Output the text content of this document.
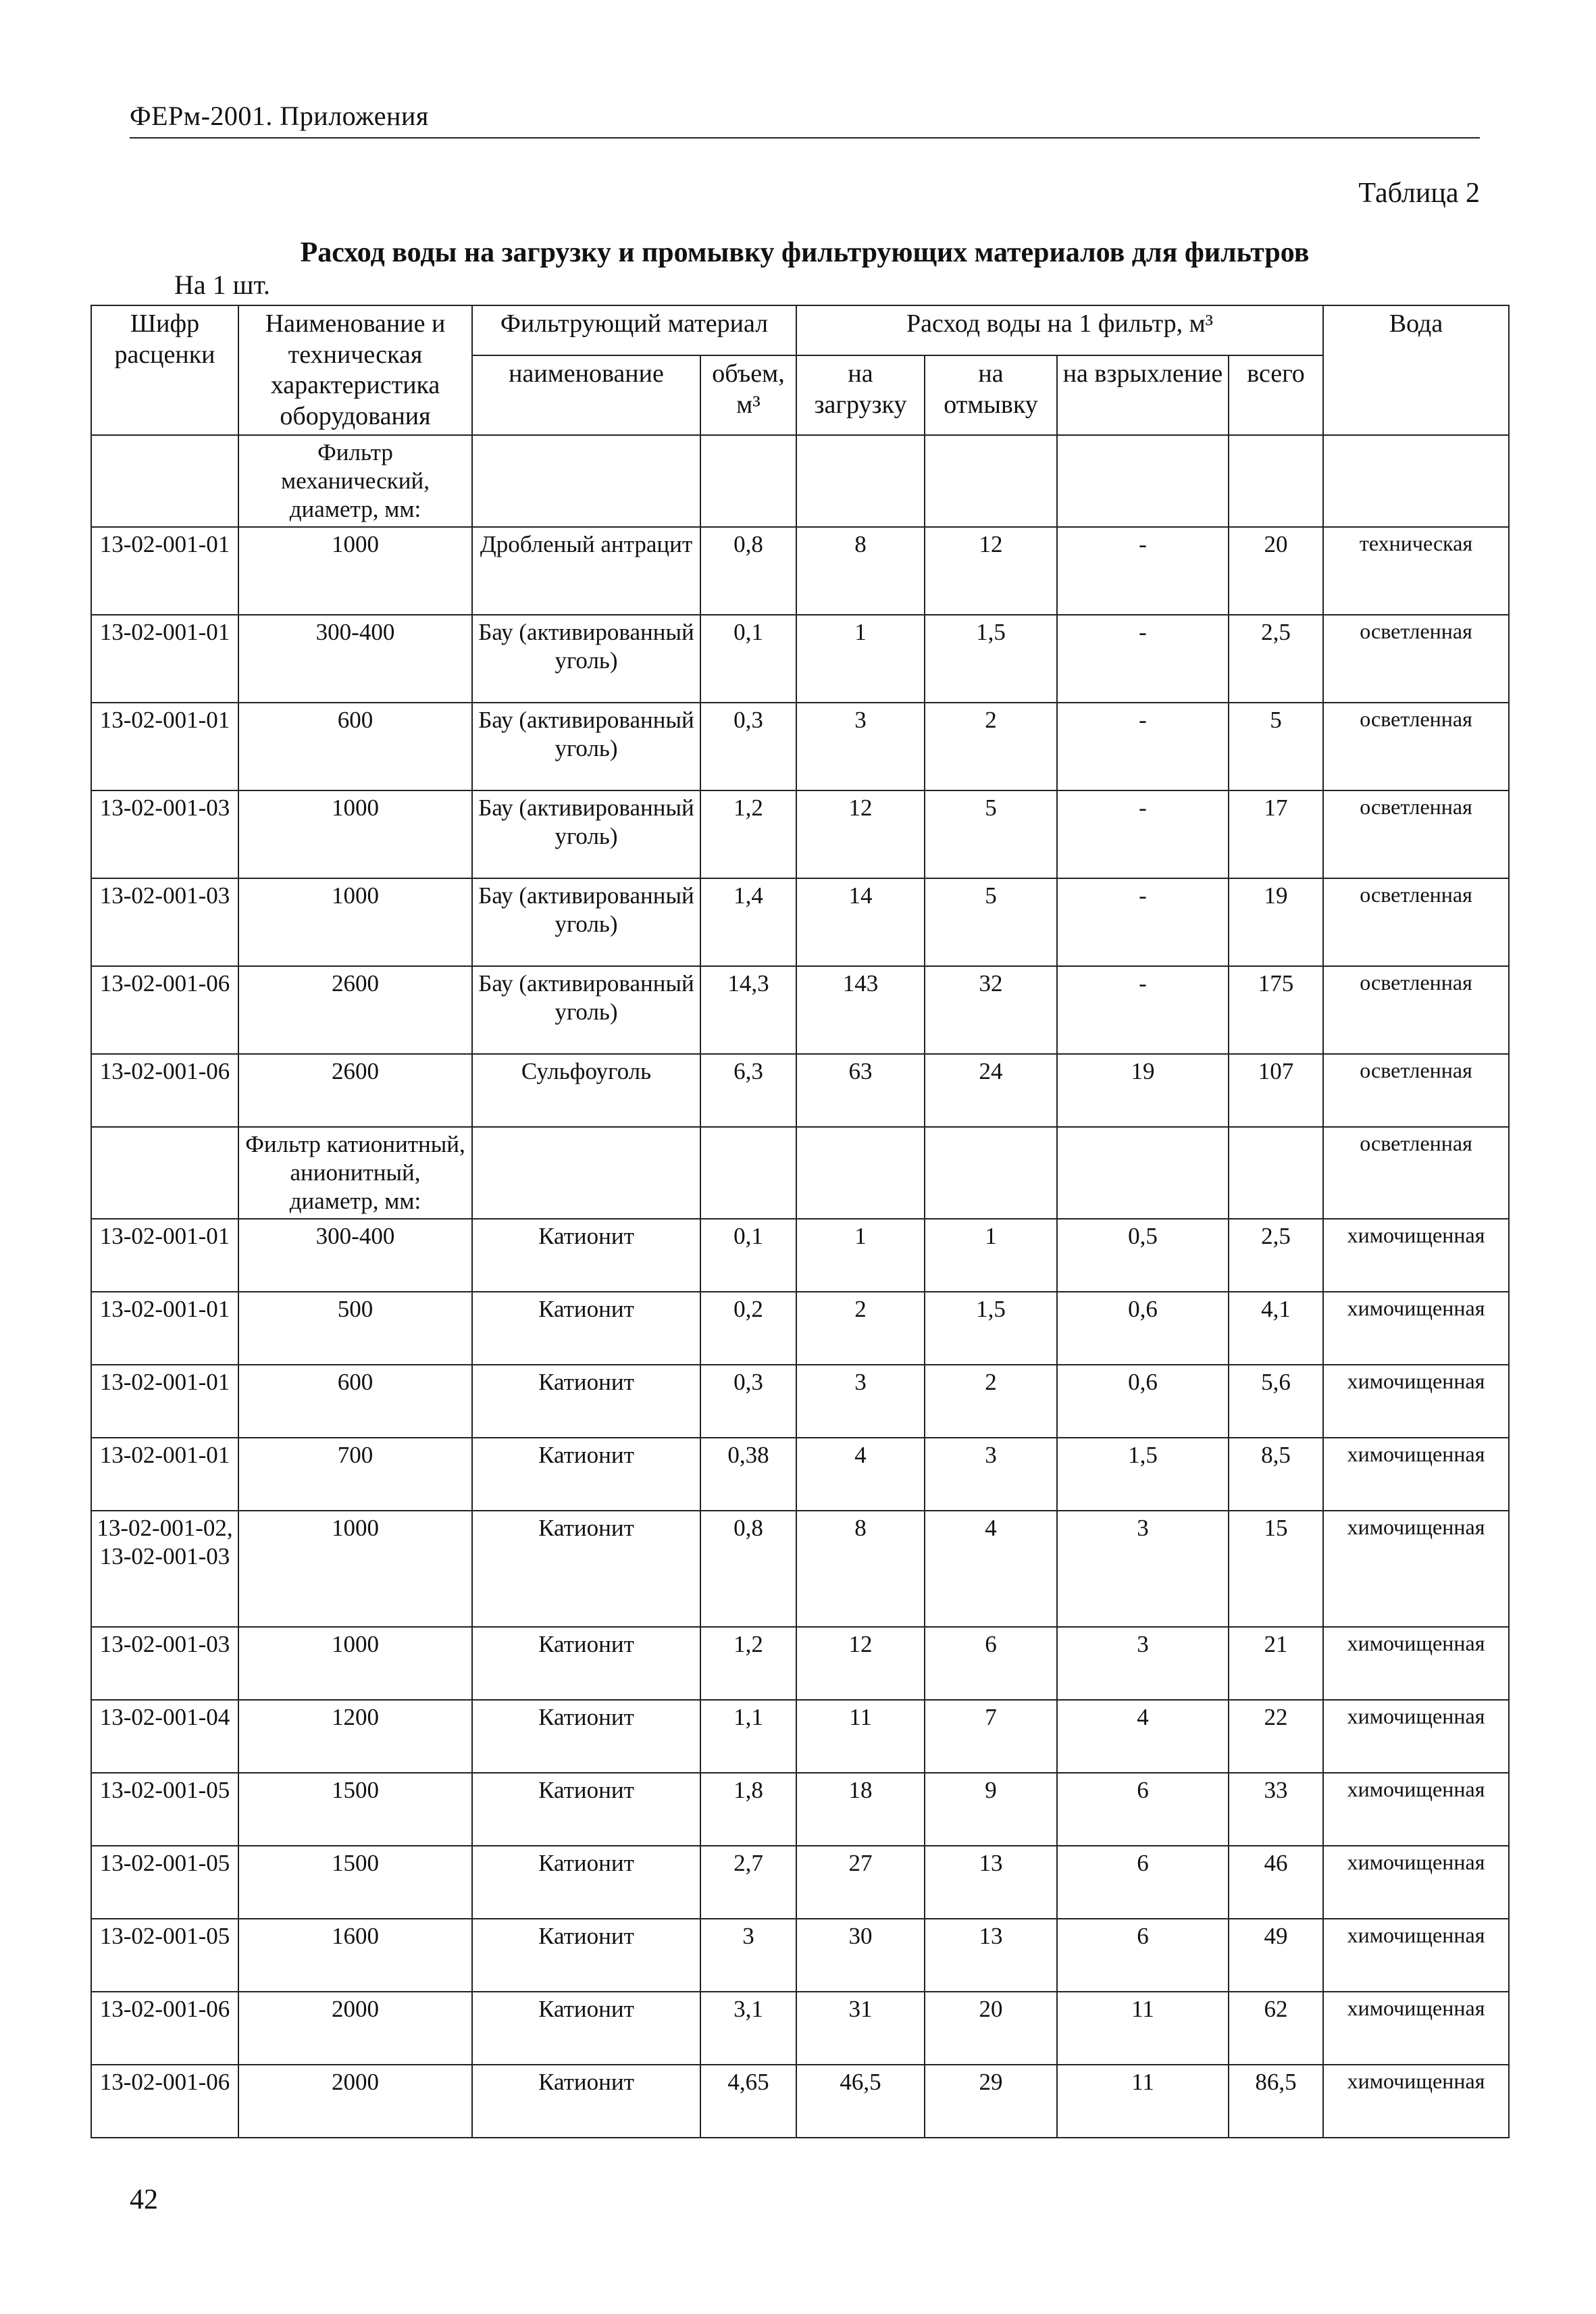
ФЕРм-2001. Приложения
Таблица 2
Расход воды на загрузку и промывку фильтрующих материалов для фильтров
На 1 шт.
Шифр расценки	Наименование и техническая характеристика оборудования	Фильтрующий материал		Расход воды на 1 фильтр, м³				Вода
		наименование	объем, м³	на загрузку	на отмывку	на взрыхление	всего	
	Фильтр механический, диаметр, мм:							
13-02-001-01	1000	Дробленый антрацит	0,8	8	12	-	20	техническая
13-02-001-01	300-400	Бау (активированный уголь)	0,1	1	1,5	-	2,5	осветленная
13-02-001-01	600	Бау (активированный уголь)	0,3	3	2	-	5	осветленная
13-02-001-03	1000	Бау (активированный уголь)	1,2	12	5	-	17	осветленная
13-02-001-03	1000	Бау (активированный уголь)	1,4	14	5	-	19	осветленная
13-02-001-06	2600	Бау (активированный уголь)	14,3	143	32	-	175	осветленная
13-02-001-06	2600	Сульфоуголь	6,3	63	24	19	107	осветленная
	Фильтр катионитный, анионитный, диаметр, мм:							осветленная
13-02-001-01	300-400	Катионит	0,1	1	1	0,5	2,5	химочищенная
13-02-001-01	500	Катионит	0,2	2	1,5	0,6	4,1	химочищенная
13-02-001-01	600	Катионит	0,3	3	2	0,6	5,6	химочищенная
13-02-001-01	700	Катионит	0,38	4	3	1,5	8,5	химочищенная
13-02-001-02, 13-02-001-03	1000	Катионит	0,8	8	4	3	15	химочищенная
13-02-001-03	1000	Катионит	1,2	12	6	3	21	химочищенная
13-02-001-04	1200	Катионит	1,1	11	7	4	22	химочищенная
13-02-001-05	1500	Катионит	1,8	18	9	6	33	химочищенная
13-02-001-05	1500	Катионит	2,7	27	13	6	46	химочищенная
13-02-001-05	1600	Катионит	3	30	13	6	49	химочищенная
13-02-001-06	2000	Катионит	3,1	31	20	11	62	химочищенная
13-02-001-06	2000	Катионит	4,65	46,5	29	11	86,5	химочищенная
42
